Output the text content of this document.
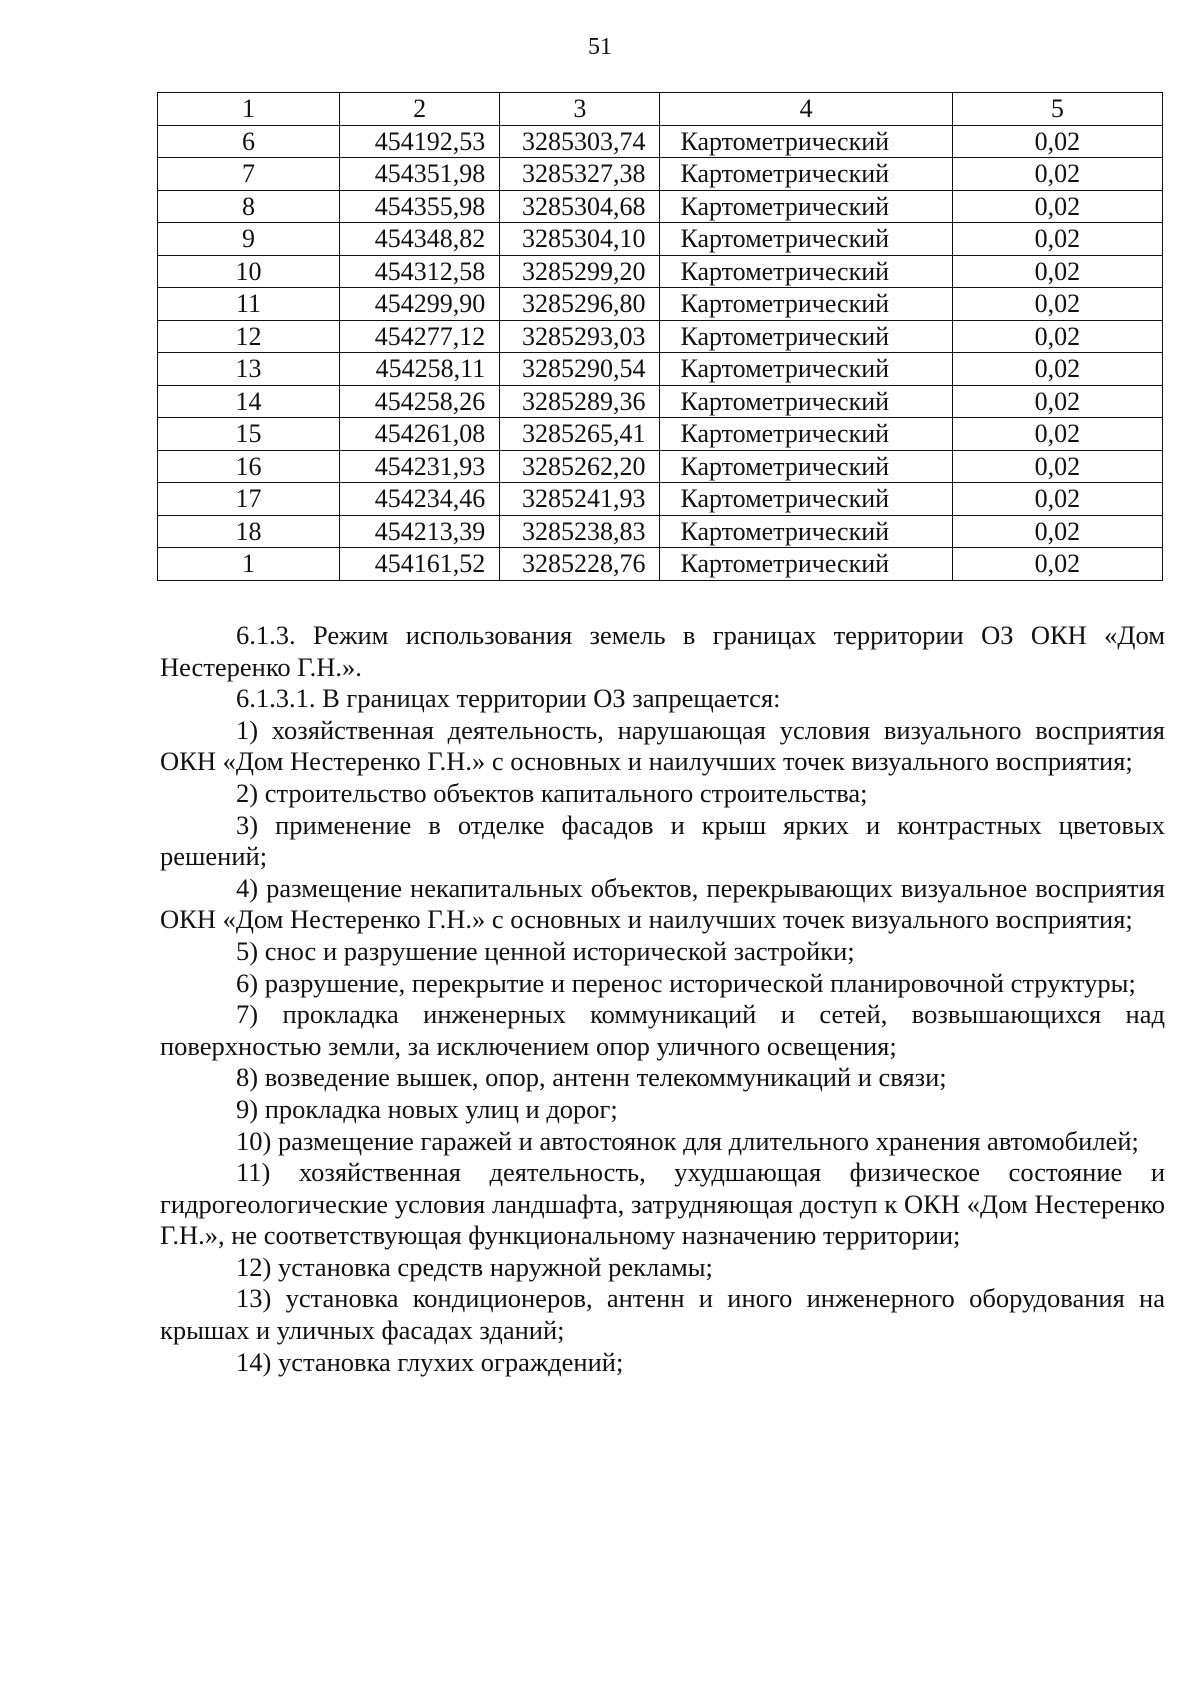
51
1	2	3	4	5
6	454192,53	3285303,74	Картометрический	0,02
7	454351,98	3285327,38	Картометрический	0,02
8	454355,98	3285304,68	Картометрический	0,02
9	454348,82	3285304,10	Картометрический	0,02
10	454312,58	3285299,20	Картометрический	0,02
11	454299,90	3285296,80	Картометрический	0,02
12	454277,12	3285293,03	Картометрический	0,02
13	454258,11	3285290,54	Картометрический	0,02
14	454258,26	3285289,36	Картометрический	0,02
15	454261,08	3285265,41	Картометрический	0,02
16	454231,93	3285262,20	Картометрический	0,02
17	454234,46	3285241,93	Картометрический	0,02
18	454213,39	3285238,83	Картометрический	0,02
1	454161,52	3285228,76	Картометрический	0,02

6.1.3. Режим использования земель в границах территории ОЗ ОКН «Дом Нестеренко Г.Н.».

6.1.3.1. В границах территории ОЗ запрещается:

1) хозяйственная деятельность, нарушающая условия визуального восприятия ОКН «Дом Нестеренко Г.Н.» с основных и наилучших точек визуального восприятия;

2) строительство объектов капитального строительства;

3) применение в отделке фасадов и крыш ярких и контрастных цветовых решений;

4) размещение некапитальных объектов, перекрывающих визуальное восприятия ОКН «Дом Нестеренко Г.Н.» с основных и наилучших точек визуального восприятия;

5) снос и разрушение ценной исторической застройки;

6) разрушение, перекрытие и перенос исторической планировочной структуры;

7) прокладка инженерных коммуникаций и сетей, возвышающихся над поверхностью земли, за исключением опор уличного освещения;

8) возведение вышек, опор, антенн телекоммуникаций и связи;

9) прокладка новых улиц и дорог;

10) размещение гаражей и автостоянок для длительного хранения автомобилей;

11) хозяйственная деятельность, ухудшающая физическое состояние и гидрогеологические условия ландшафта, затрудняющая доступ к ОКН «Дом Нестеренко Г.Н.», не соответствующая функциональному назначению территории;

12) установка средств наружной рекламы;

13) установка кондиционеров, антенн и иного инженерного оборудования на крышах и уличных фасадах зданий;

14) установка глухих ограждений;
